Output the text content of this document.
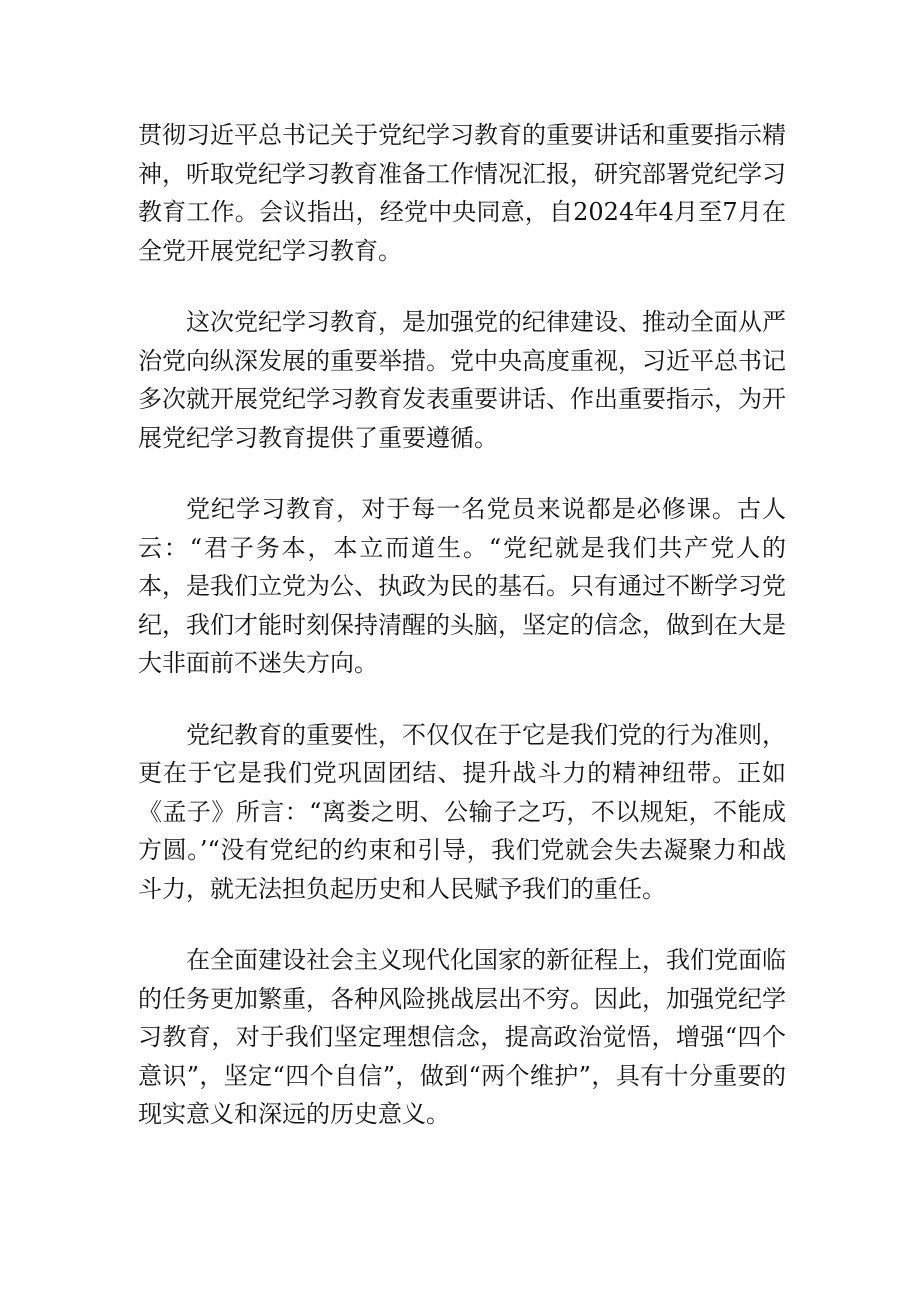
贯彻习近平总书记关于党纪学习教育的重要讲话和重要指示精神，听取党纪学习教育准备工作情况汇报，研究部署党纪学习教育工作。会议指出，经党中央同意，自2024年4月至7月在全党开展党纪学习教育。

这次党纪学习教育，是加强党的纪律建设、推动全面从严治党向纵深发展的重要举措。党中央高度重视，习近平总书记多次就开展党纪学习教育发表重要讲话、作出重要指示，为开展党纪学习教育提供了重要遵循。

党纪学习教育，对于每一名党员来说都是必修课。古人云：“君子务本，本立而道生。“党纪就是我们共产党人的本，是我们立党为公、执政为民的基石。只有通过不断学习党纪，我们才能时刻保持清醒的头脑，坚定的信念，做到在大是大非面前不迷失方向。

党纪教育的重要性，不仅仅在于它是我们党的行为准则，更在于它是我们党巩固团结、提升战斗力的精神纽带。正如《孟子》所言：“离娄之明、公输子之巧，不以规矩，不能成方圆。’“没有党纪的约束和引导，我们党就会失去凝聚力和战斗力，就无法担负起历史和人民赋予我们的重任。

在全面建设社会主义现代化国家的新征程上，我们党面临的任务更加繁重，各种风险挑战层出不穷。因此，加强党纪学习教育，对于我们坚定理想信念，提高政治觉悟，增强“四个意识”，坚定“四个自信”，做到“两个维护”，具有十分重要的现实意义和深远的历史意义。
